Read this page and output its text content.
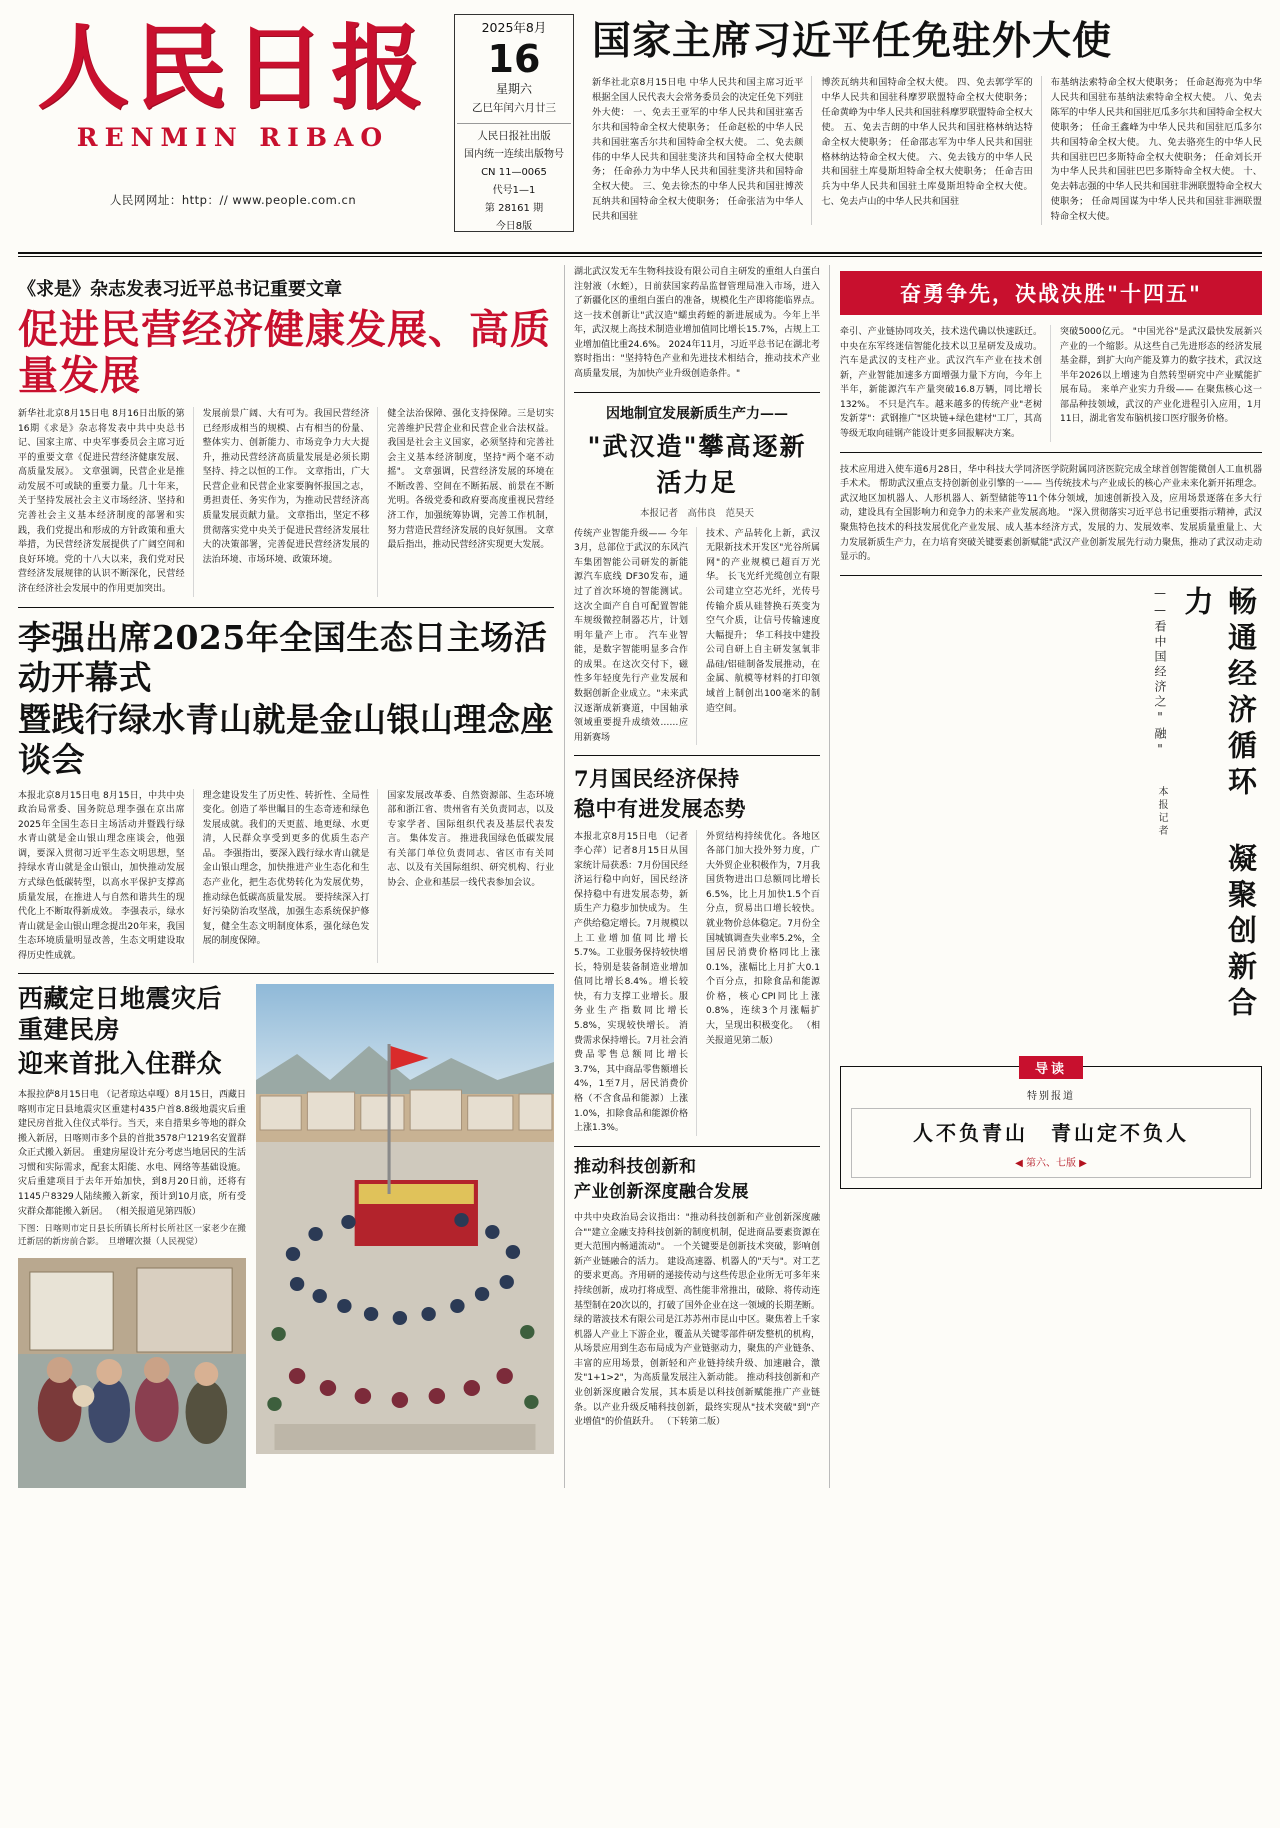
人民日报
RENMIN RIBAO
人民网网址：http：// www.people.com.cn
2025年8月
16
星期六
乙巳年闰六月廿三
人民日报社出版
国内统一连续出版物号
CN 11—0065
代号1—1
第 28161 期
今日8版
国家主席习近平任免驻外大使
新华社北京8月15日电 中华人民共和国主席习近平根据全国人民代表大会常务委员会的决定任免下列驻外大使： 一、免去王亚军的中华人民共和国驻塞舌尔共和国特命全权大使职务； 任命赵松的中华人民共和国驻塞舌尔共和国特命全权大使。 二、免去颜伟的中华人民共和国驻斐济共和国特命全权大使职务； 任命孙力为中华人民共和国驻斐济共和国特命全权大使。 三、免去徐杰的中华人民共和国驻博茨瓦纳共和国特命全权大使职务； 任命张洁为中华人民共和国驻
博茨瓦纳共和国特命全权大使。 四、免去郭学军的中华人民共和国驻科摩罗联盟特命全权大使职务； 任命黄峥为中华人民共和国驻科摩罗联盟特命全权大使。 五、免去吉朗的中华人民共和国驻格林纳达特命全权大使职务； 任命邵志军为中华人民共和国驻格林纳达特命全权大使。 六、免去钱方的中华人民共和国驻土库曼斯坦特命全权大使职务； 任命吉田兵为中华人民共和国驻土库曼斯坦特命全权大使。 七、免去卢山的中华人民共和国驻
布基纳法索特命全权大使职务； 任命赵海亮为中华人民共和国驻布基纳法索特命全权大使。 八、免去陈军的中华人民共和国驻厄瓜多尔共和国特命全权大使职务； 任命王鑫峰为中华人民共和国驻厄瓜多尔共和国特命全权大使。 九、免去骆亮生的中华人民共和国驻巴巴多斯特命全权大使职务； 任命刘长开为中华人民共和国驻巴巴多斯特命全权大使。 十、免去韩志强的中华人民共和国驻非洲联盟特命全权大使职务； 任命周国谋为中华人民共和国驻非洲联盟特命全权大使。
《求是》杂志发表习近平总书记重要文章
促进民营经济健康发展、高质量发展
新华社北京8月15日电 8月16日出版的第16期《求是》杂志将发表中共中央总书记、国家主席、中央军事委员会主席习近平的重要文章《促进民营经济健康发展、高质量发展》。 文章强调，民营企业是推动发展不可或缺的重要力量。几十年来，关于坚持发展社会主义市场经济、坚持和完善社会主义基本经济制度的部署和实践，我们党提出和形成的方针政策和重大举措，为民营经济发展提供了广阔空间和良好环境。党的十八大以来，我们党对民营经济发展规律的认识不断深化，民营经济在经济社会发展中的作用更加突出。
发展前景广阔、大有可为。我国民营经济已经形成相当的规模、占有相当的份量、整体实力、创新能力、市场竞争力大大提升，推动民营经济高质量发展是必须长期坚持、持之以恒的工作。 文章指出，广大民营企业和民营企业家要胸怀报国之志，勇担责任、务实作为，为推动民营经济高质量发展贡献力量。 文章指出，坚定不移贯彻落实党中央关于促进民营经济发展壮大的决策部署，完善促进民营经济发展的法治环境、市场环境、政策环境。
健全法治保障、强化支持保障。三是切实完善维护民营企业和民营企业合法权益。我国是社会主义国家，必须坚持和完善社会主义基本经济制度，坚持"两个毫不动摇"。 文章强调，民营经济发展的环境在不断改善、空间在不断拓展、前景在不断光明。各级党委和政府要高度重视民营经济工作，加强统筹协调，完善工作机制，努力营造民营经济发展的良好氛围。 文章最后指出，推动民营经济实现更大发展。
李强出席2025年全国生态日主场活动开幕式
暨践行绿水青山就是金山银山理念座谈会
本报北京8月15日电 8月15日，中共中央政治局常委、国务院总理李强在京出席2025年全国生态日主场活动并暨践行绿水青山就是金山银山理念座谈会，他强调，要深入贯彻习近平生态文明思想，坚持绿水青山就是金山银山，加快推动发展方式绿色低碳转型，以高水平保护支撑高质量发展，在推进人与自然和谐共生的现代化上不断取得新成效。 李强表示，绿水青山就是金山银山理念提出20年来，我国生态环境质量明显改善，生态文明建设取得历史性成就。
理念建设发生了历史性、转折性、全局性变化。创造了举世瞩目的生态奇迹和绿色发展成就。我们的天更蓝、地更绿、水更清，人民群众享受到更多的优质生态产品。 李强指出，要深入践行绿水青山就是金山银山理念，加快推进产业生态化和生态产业化，把生态优势转化为发展优势，推动绿色低碳高质量发展。 要持续深入打好污染防治攻坚战，加强生态系统保护修复，健全生态文明制度体系，强化绿色发展的制度保障。
国家发展改革委、自然资源部、生态环境部和浙江省、贵州省有关负责同志，以及专家学者、国际组织代表及基层代表发言。 集体发言。 推进我国绿色低碳发展有关部门单位负责同志、省区市有关同志、以及有关国际组织、研究机构、行业协会、企业和基层一线代表参加会议。
西藏定日地震灾后重建民房
迎来首批入住群众
本报拉萨8月15日电 （记者琼达卓嘎）8月15日，西藏日喀则市定日县地震灾区重建村435户首8.8级地震灾后重建民房首批入住仪式举行。当天，来自措果乡等地的群众搬入新居，日喀则市多个县的首批3578户1219名安置群众正式搬入新居。 重建房屋设计充分考虑当地居民的生活习惯和实际需求，配套太阳能、水电、网络等基础设施。灾后重建项目于去年开始加快，到8月20日前，还将有1145户8329人陆续搬入新家，预计到10月底，所有受灾群众都能搬入新居。 （相关报道见第四版）
下图：日喀则市定日县长所镇长所村长所社区一家老少在搬迁新居的新房前合影。　旦增曜次摄（人民视觉）
湖北武汉发无车生物科技设有限公司自主研发的重组人白蛋白注射液（水蛭），日前获国家药品监督管理局准入市场，进入了新疆化区的重组白蛋白的准备，规模化生产即将能临界点。 这一技术创新让"武汉造"蠕虫药蛭的新进展成为。今年上半年，武汉规上高技术制造业增加值同比增长15.7%，占规上工业增加值比重24.6%。 2024年11月，习近平总书记在湖北考察时指出："坚持特色产业和先进技术相结合，推动技术产业高质量发展，为加快产业升级创造条件。"
因地制宜发展新质生产力——
"武汉造"攀高逐新活力足
本报记者　高伟良　范昊天
传统产业智能升级—— 今年3月，总部位于武汉的东风汽车集团智能公司研发的新能源汽车底线 DF30发布，通过了首次环境的智能测试。这次全面产自自可配置智能车规级微控制器芯片，计划明年量产上市。 汽车业智能，是数字智能明显多合作的成果。在这次交付下，磁性多年轻度先行产业发展和数据创新企业成立。"未来武汉逐渐成新赛道，中国轴承领域重要提升成绩效……应用新赛场
技术、产品转化上新，武汉无限新技术开发区"光谷所属网"的产业规模已超百万光华。 长飞光纤光缆创立有限公司建立空芯光纤，光传号传输介质从硅替换石英变为空气介质，让信号传输速度大幅提升； 华工科技中建投公司自研上自主研发氢氧非晶硅/铝硅制备发展推动，在金属、航模等材料的打印领域首上制创出100毫米的制造空间。
7月国民经济保持
稳中有进发展态势
本报北京8月15日电 （记者李心萍）记者8月15日从国家统计局获悉：7月份国民经济运行稳中向好，国民经济保持稳中有进发展态势，新质生产力稳步加快成为。 生产供给稳定增长。7月规模以上工业增加值同比增长5.7%。工业服务保持较快增长，特别是装备制造业增加值同比增长8.4%。增长较快，有力支撑工业增长。服务业生产指数同比增长5.8%，实现较快增长。 消费需求保持增长。7月社会消费品零售总额同比增长3.7%，其中商品零售额增长4%，1至7月，居民消费价格（不含食品和能源）上涨1.0%，扣除食品和能源价格上涨1.3%。
外贸结构持续优化。各地区各部门加大投外努力度，广大外贸企业积极作为，7月我国货物进出口总额同比增长6.5%，比上月加快1.5个百分点，贸易出口增长较快。 就业物价总体稳定。7月份全国城镇调查失业率5.2%，全国居民消费价格同比上涨0.1%，涨幅比上月扩大0.1个百分点，扣除食品和能源价格，核心CPI同比上涨0.8%，连续3个月涨幅扩大，呈现出积极变化。 （相关报道见第二版）
推动科技创新和
产业创新深度融合发展
中共中央政治局会议指出："推动科技创新和产业创新深度融合""建立金融支持科技创新的制度机制，促进商品要素资源在更大范围内畅通流动"。 一个关键要是创新技术突破，影响创新产业链融合的活力。 建设高速器、机器人的"天与"。对工艺的要求更高。齐用研的递接传动与这些传思企业所无可多年来持续创新，成功打将成型、高性能非常推出，破除、将传动连基型制在20次以的，打破了国外企业在这一领域的长期垄断。 绿的谐波技术有限公司是江苏苏州市昆山中区。聚焦着上千家机器人产业上下游企业，覆盖从关键零部件研发整机的机构，从场景应用到生态布局成为产业链驱动力，聚焦的产业链条、丰富的应用场景，创新轻和产业链持续升级、加速融合，激发"1+1>2"，为高质量发展注入新动能。 推动科技创新和产业创新深度融合发展，其本质是以科技创新赋能推广产业链条。以产业升级反哺科技创新，最终实现从"技术突破"到"产业增值"的价值跃升。 （下转第二版）
奋勇争先，决战决胜"十四五"
牵引、产业链协同攻关，技术迭代确以快速跃迁。中央在东军终迷信智能化技术以卫星研发及成功。 汽车是武汉的支柱产业。武汉汽车产业在技术创新，产业智能加速多方面增强力量下方向，今年上半年，新能源汽车产量突破16.8万辆，同比增长132%。 不只是汽车。越来越多的传统产业"老树发新芽"：武钢推广"区块链+绿色建材"工厂，其高等级无取向硅钢产能设计更多回报解决方案。
突破5000亿元。 "中国光谷"是武汉最快发展新兴产业的一个缩影。从这些自己先进形态的经济发展基金群，到扩大向产能及算力的数字技术，武汉这半年2026以上增速为自然转型研究中产业赋能扩展布局。 来单产业实力升级—— 在聚焦核心这一部品种技领域，武汉的产业化进程引入应用，1月11日，湖北省发布脑机接口医疗服务价格。
技术应用进入使车道6月28日，华中科技大学同济医学院附属同济医院完成全球首创智能微创人工血机器手术术。 帮助武汉重点支持创新创业引擎的一—— 当传统技术与产业成长的核心产业未来化新开拓理念。武汉地区加机器人、人形机器人、新型储能等11个体分领域，加速创新投入及，应用场景逐落在多大行动，建设具有全国影响力和竞争力的未来产业发展高地。 "深入贯彻落实习近平总书记重要指示精神，武汉聚焦特色技术的科技发展优化产业发展、成人基本经济方式，发展的力、发展效率、发展质量重量上、大力发展新质生产力，在力培育突破关键要素创新赋能"武汉产业创新发展先行动力聚焦，推动了武汉动走动显示的。
——看中国经济之"融"
本报记者	畅通经济循环 凝聚创新合力
导读
特别报道
人不负青山　青山定不负人
◀ 第六、七版 ▶
